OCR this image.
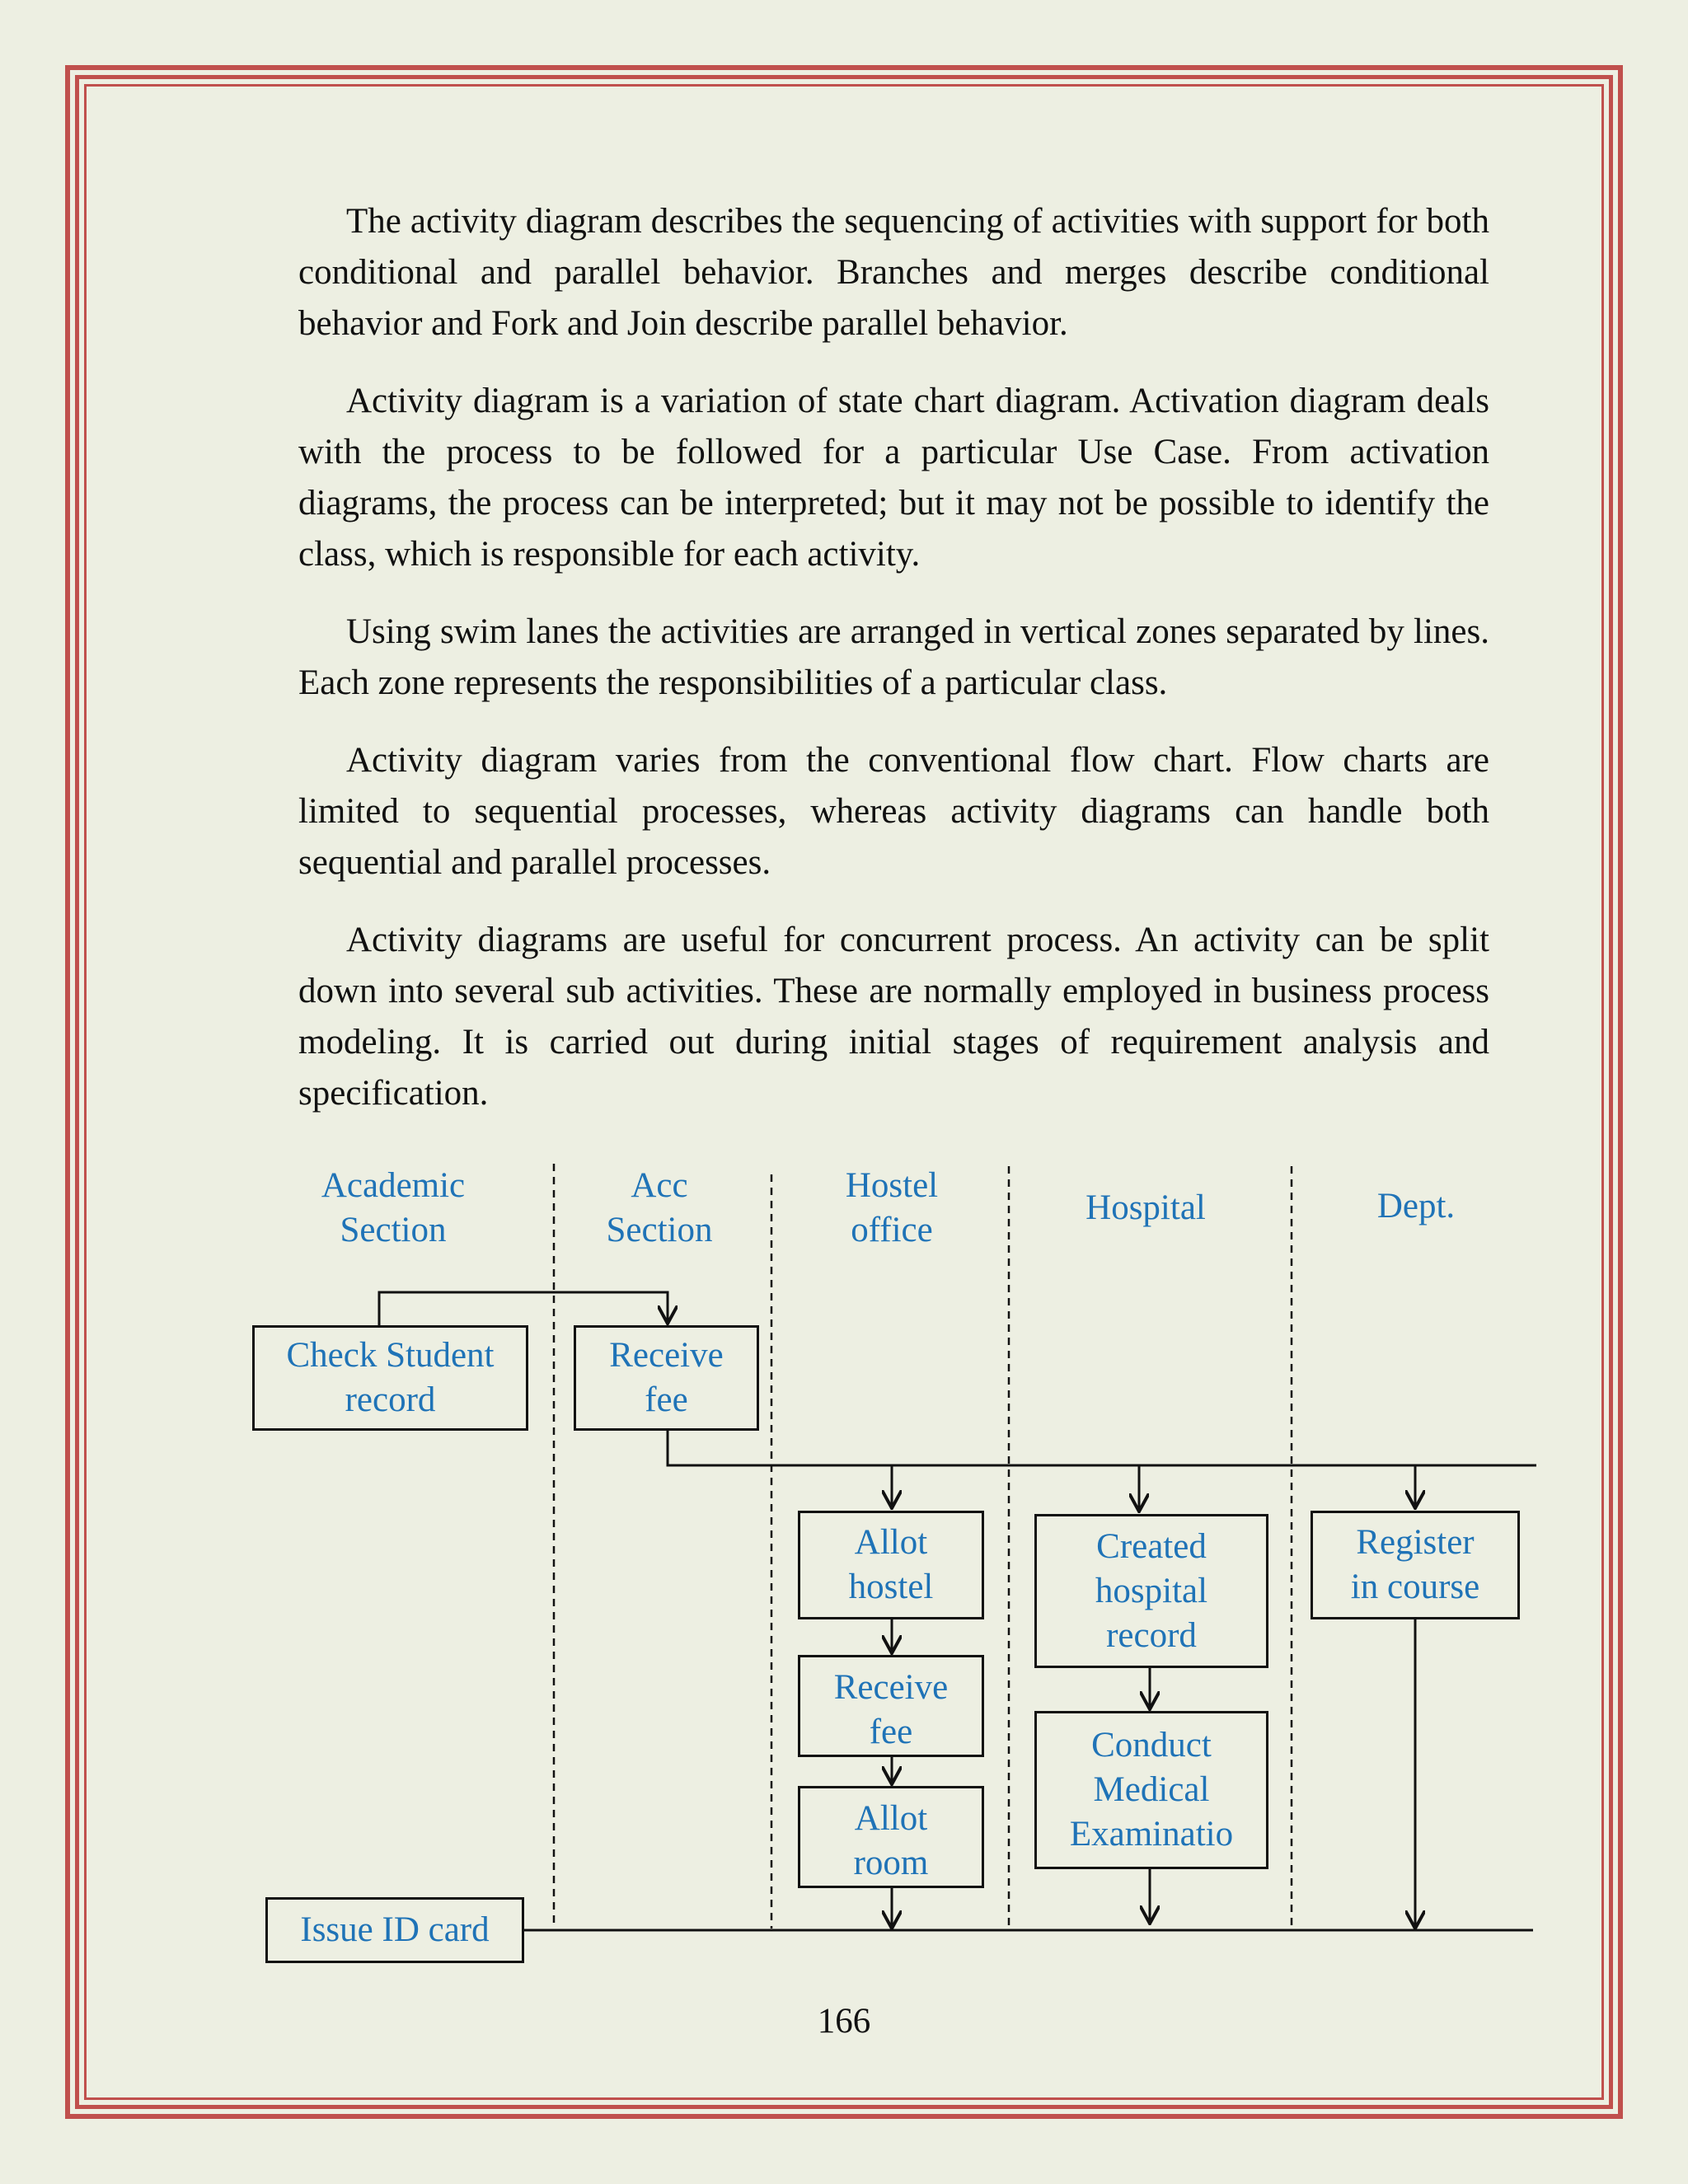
The activity diagram describes the sequencing of activities with support for both conditional and parallel behavior. Branches and merges describe conditional behavior and Fork and Join describe parallel behavior.

Activity diagram is a variation of state chart diagram. Activation diagram deals with the process to be followed for a particular Use Case. From activation diagrams, the process can be interpreted; but it may not be possible to identify the class, which is responsible for each activity.

Using swim lanes the activities are arranged in vertical zones separated by lines. Each zone represents the responsibilities of a particular class.

Activity diagram varies from the conventional flow chart. Flow charts are limited to sequential processes, whereas activity diagrams can handle both sequential and parallel processes.

Activity diagrams are useful for concurrent process. An activity can be split down into several sub activities. These are normally employed in business process modeling. It is carried out during initial stages of requirement analysis and specification.

Academic
Section
Acc
Section
Hostel
office
Hospital	Dept.
Check Student
record
Receive
fee
Allot
hostel
Receive
fee
Allot
room
Created
hospital
record
Conduct
Medical
Examinatio
Register
in course
Issue ID card
166
